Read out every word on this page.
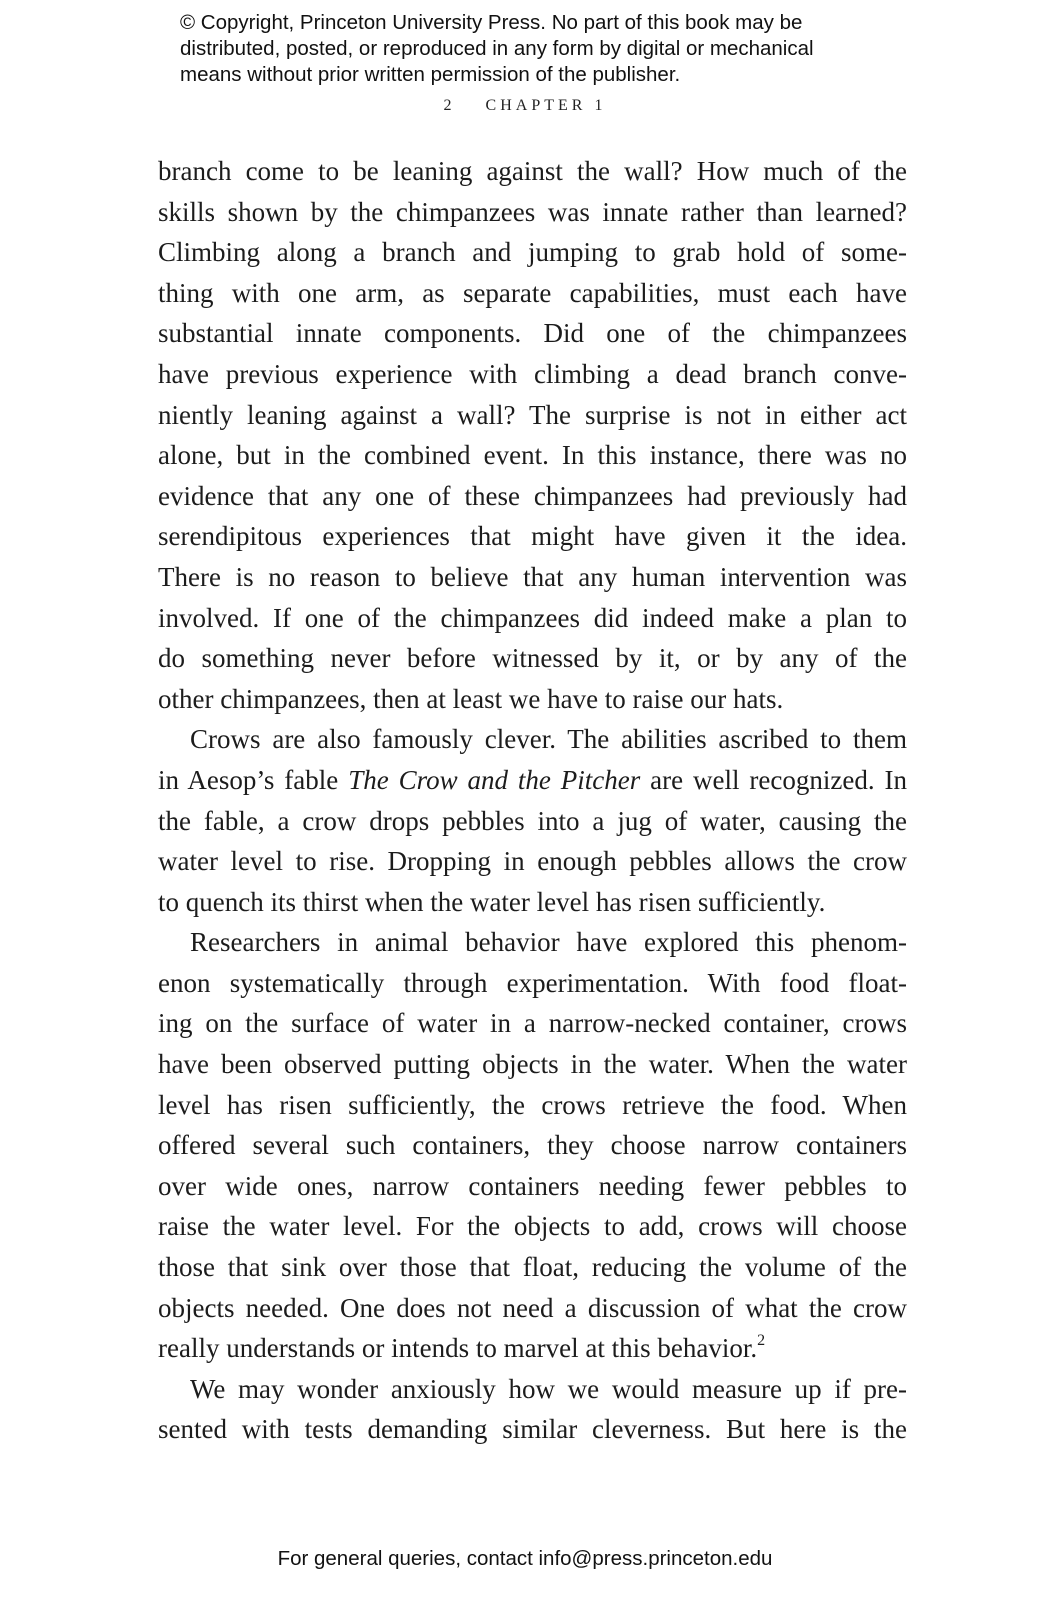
© Copyright, Princeton University Press. No part of this book may be
distributed, posted, or reproduced in any form by digital or mechanical
means without prior written permission of the publisher.
2 CHAPTER 1
branch come to be leaning against the wall? How much of the
skills shown by the chimpanzees was innate rather than learned?
Climbing along a branch and jumping to grab hold of some-
thing with one arm, as separate capabilities, must each have
substantial innate components. Did one of the chimpanzees
have previous experience with climbing a dead branch conve-
niently leaning against a wall? The surprise is not in either act
alone, but in the combined event. In this instance, there was no
evidence that any one of these chimpanzees had previously had
serendipitous experiences that might have given it the idea.
There is no reason to believe that any human intervention was
involved. If one of the chimpanzees did indeed make a plan to
do something never before witnessed by it, or by any of the
other chimpanzees, then at least we have to raise our hats.
Crows are also famously clever. The abilities ascribed to them
in Aesop’s fable The Crow and the Pitcher are well recognized. In
the fable, a crow drops pebbles into a jug of water, causing the
water level to rise. Dropping in enough pebbles allows the crow
to quench its thirst when the water level has risen sufficiently.
Researchers in animal behavior have explored this phenom-
enon systematically through experimentation. With food float-
ing on the surface of water in a narrow-necked container, crows
have been observed putting objects in the water. When the water
level has risen sufficiently, the crows retrieve the food. When
offered several such containers, they choose narrow containers
over wide ones, narrow containers needing fewer pebbles to
raise the water level. For the objects to add, crows will choose
those that sink over those that float, reducing the volume of the
objects needed. One does not need a discussion of what the crow
really understands or intends to marvel at this behavior.$^2$
We may wonder anxiously how we would measure up if pre-
sented with tests demanding similar cleverness. But here is the
For general queries, contact info@press.princeton.edu
